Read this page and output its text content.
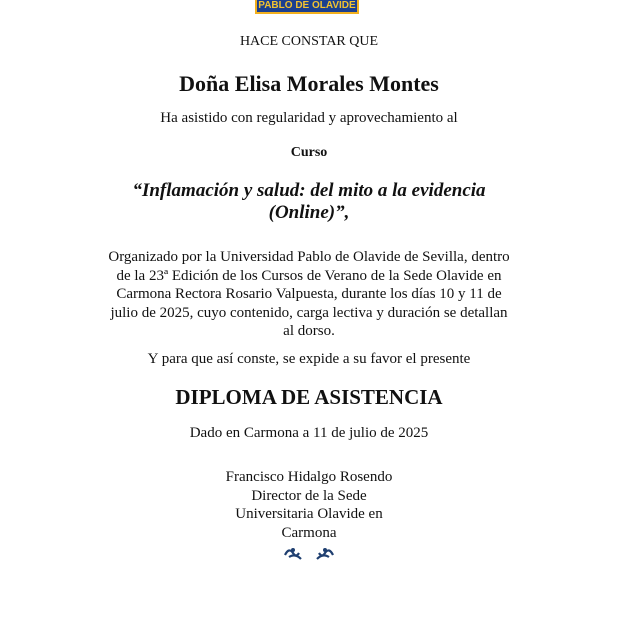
PABLO DE OLAVIDE
HACE CONSTAR QUE
Doña Elisa Morales Montes
Ha asistido con regularidad y aprovechamiento al
Curso
“Inflamación y salud: del mito a la evidencia
(Online)”,
Organizado por la Universidad Pablo de Olavide de Sevilla, dentro
de la 23ª Edición de los Cursos de Verano de la Sede Olavide en
Carmona Rectora Rosario Valpuesta, durante los días 10 y 11 de
julio de 2025, cuyo contenido, carga lectiva y duración se detallan
al dorso.
Y para que así conste, se expide a su favor el presente
DIPLOMA DE ASISTENCIA
Dado en Carmona a 11 de julio de 2025
Francisco Hidalgo Rosendo
Director de la Sede
Universitaria Olavide en
Carmona
